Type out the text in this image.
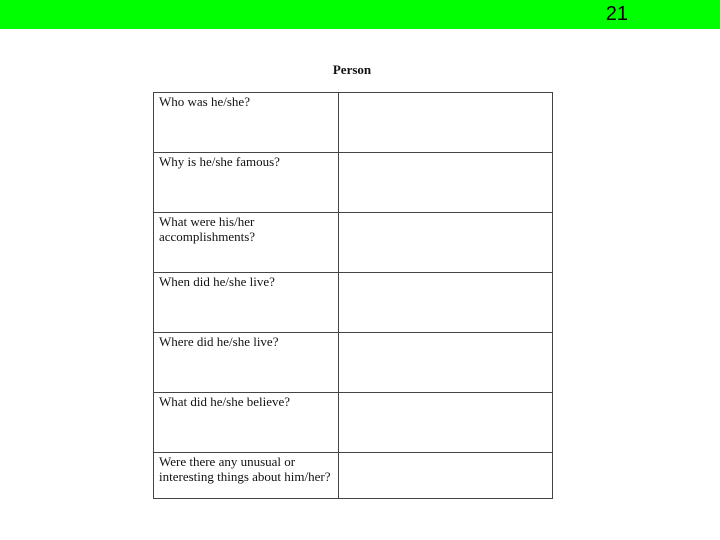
21
Person
Who was he/she?	
Why is he/she famous?	
What were his/her accomplishments?	
When did he/she live?	
Where did he/she live?	
What did he/she believe?	
Were there any unusual or interesting things about him/her?	
